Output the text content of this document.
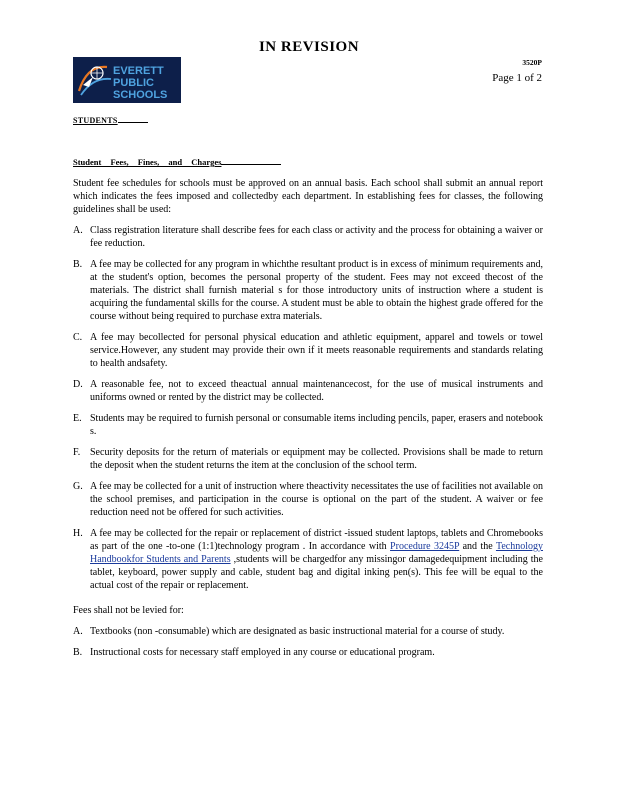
IN REVISION
EVERETT
PUBLIC
SCHOOLS
3520P
Page 1 of 2
STUDENTS
Student Fees, Fines, and Charges

Student fee schedules for schools must be approved on an annual basis. Each school shall submit an annual report which indicates the fees imposed and collectedby each department. In establishing fees for classes, the following guidelines shall be used:

A. Class registration literature shall describe fees for each class or activity and the process for obtaining a waiver or fee reduction.
B. A fee may be collected for any program in whichthe resultant product is in excess of minimum requirements and, at the student's option, becomes the personal property of the student. Fees may not exceed thecost of the materials. The district shall furnish material s for those introductory units of instruction where a student is acquiring the fundamental skills for the course. A student must be able to obtain the highest grade offered for the course without being required to purchase extra materials.
C. A fee may becollected for personal physical education and athletic equipment, apparel and towels or towel service.However, any student may provide their own if it meets reasonable requirements and standards relating to health andsafety.
D. A reasonable fee, not to exceed theactual annual maintenancecost, for the use of musical instruments and uniforms owned or rented by the district may be collected.
E. Students may be required to furnish personal or consumable items including pencils, paper, erasers and notebook s.
F. Security deposits for the return of materials or equipment may be collected. Provisions shall be made to return the deposit when the student returns the item at the conclusion of the school term.
G. A fee may be collected for a unit of instruction where theactivity necessitates the use of facilities not available on the school premises, and participation in the course is optional on the part of the student. A waiver or fee reduction need not be offered for such activities.
H. A fee may be collected for the repair or replacement of district -issued student laptops, tablets and Chromebooks as part of the one -to-one (1:1)technology program . In accordance with Procedure 3245P and the Technology Handbookfor Students and Parents ,students will be chargedfor any missingor damagedequipment including the tablet, keyboard, power supply and cable, student bag and digital inking pen(s). This fee will be equal to the actual cost of the repair or replacement.

Fees shall not be levied for:

A. Textbooks (non -consumable) which are designated as basic instructional material for a course of study.
B. Instructional costs for necessary staff employed in any course or educational program.
